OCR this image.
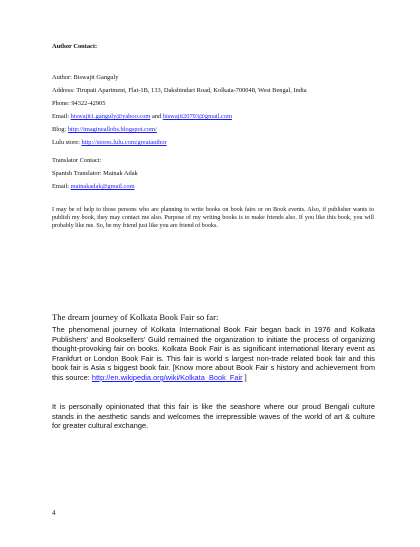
Author Contact:
Author: Biswajit Ganguly
Address: Tirupati Apartment, Flat-1B, 133, Dakshindari Road, Kolkata-700048, West Bengal, India
Phone: 94322-42905
Email: biswajit1.ganguly@yahoo.com and biswajit20793@gmail.com
Blog: http://imagineallobs.blogspot.com/
Lulu store: http://stores.lulu.com/greatauthor
Translator Contact:
Spanish Translator: Mainak Adak
Email: mainakadak@gmail.com
I may be of help to those persons who are planning to write books on book fairs or on Book events. Also, if publisher wants to publish my book, they may contact me also. Purpose of my writing books is to make friends also. If you like this book, you will probably like me. So, be my friend just like you are friend of books.
The dream journey of Kolkata Book Fair so far:
The phenomenal journey of Kolkata International Book Fair began back in 1976 and Kolkata Publishers' and Booksellers' Guild remained the organization to initiate the process of organizing thought-provoking fair on books. Kolkata Book Fair is as significant international literary event as Frankfurt or London Book Fair is. This fair is world s largest non-trade related book fair and this book fair is Asia s biggest book fair. [Know more about Book Fair s history and achievement from this source: http://en.wikipedia.org/wiki/Kolkata_Book_Fair ]
It is personally opinionated that this fair is like the seashore where our proud Bengali culture stands in the aesthetic sands and welcomes the irrepressible waves of the world of art & culture for greater cultural exchange.
4
